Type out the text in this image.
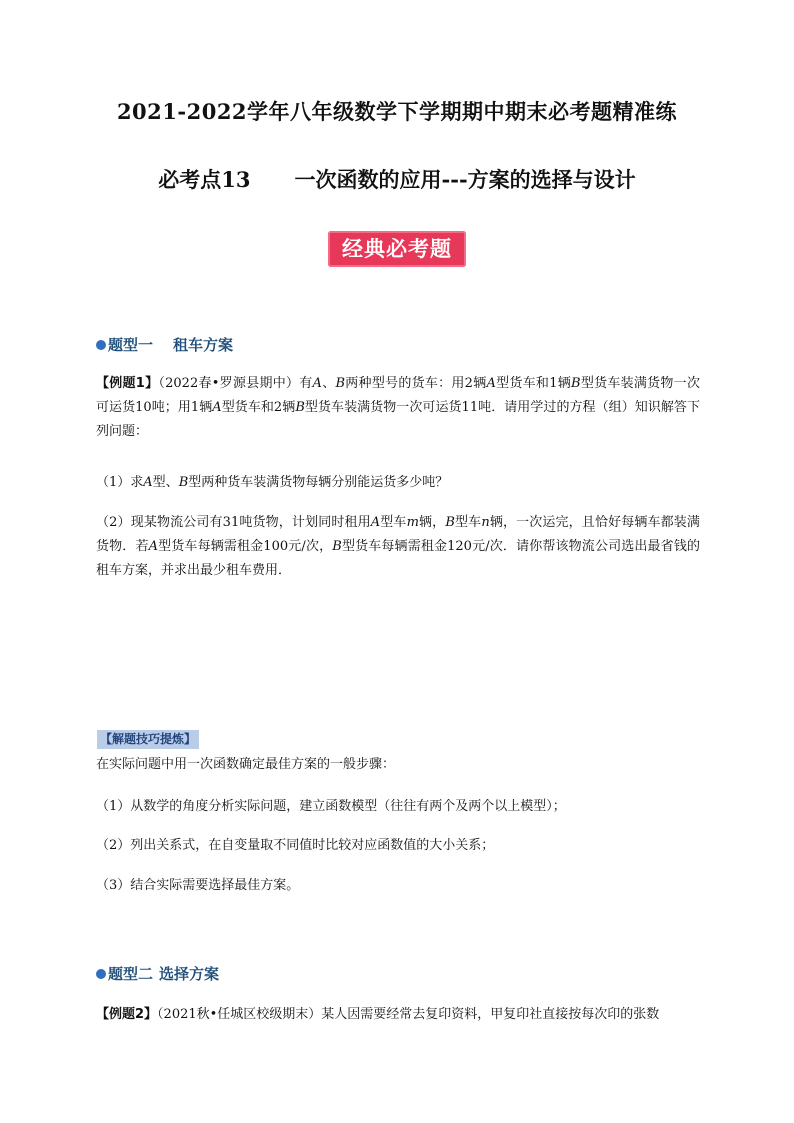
2021-2022学年八年级数学下学期期中期末必考题精准练
必考点13 一次函数的应用---方案的选择与设计
经典必考题
题型一 租车方案

【例题1】（2022春•罗源县期中）有A、B两种型号的货车：用2辆A型货车和1辆B型货车装满货物一次可运货10吨；用1辆A型货车和2辆B型货车装满货物一次可运货11吨．请用学过的方程（组）知识解答下列问题：

（1）求A型、B型两种货车装满货物每辆分别能运货多少吨？

（2）现某物流公司有31吨货物，计划同时租用A型车m辆，B型车n辆，一次运完，且恰好每辆车都装满货物．若A型货车每辆需租金100元/次，B型货车每辆需租金120元/次．请你帮该物流公司选出最省钱的租车方案，并求出最少租车费用．

【解题技巧提炼】
在实际问题中用一次函数确定最佳方案的一般步骤：
（1）从数学的角度分析实际问题，建立函数模型（往往有两个及两个以上模型）；
（2）列出关系式，在自变量取不同值时比较对应函数值的大小关系；
（3）结合实际需要选择最佳方案。
题型二 选择方案

【例题2】（2021秋•任城区校级期末）某人因需要经常去复印资料，甲复印社直接按每次印的张数
